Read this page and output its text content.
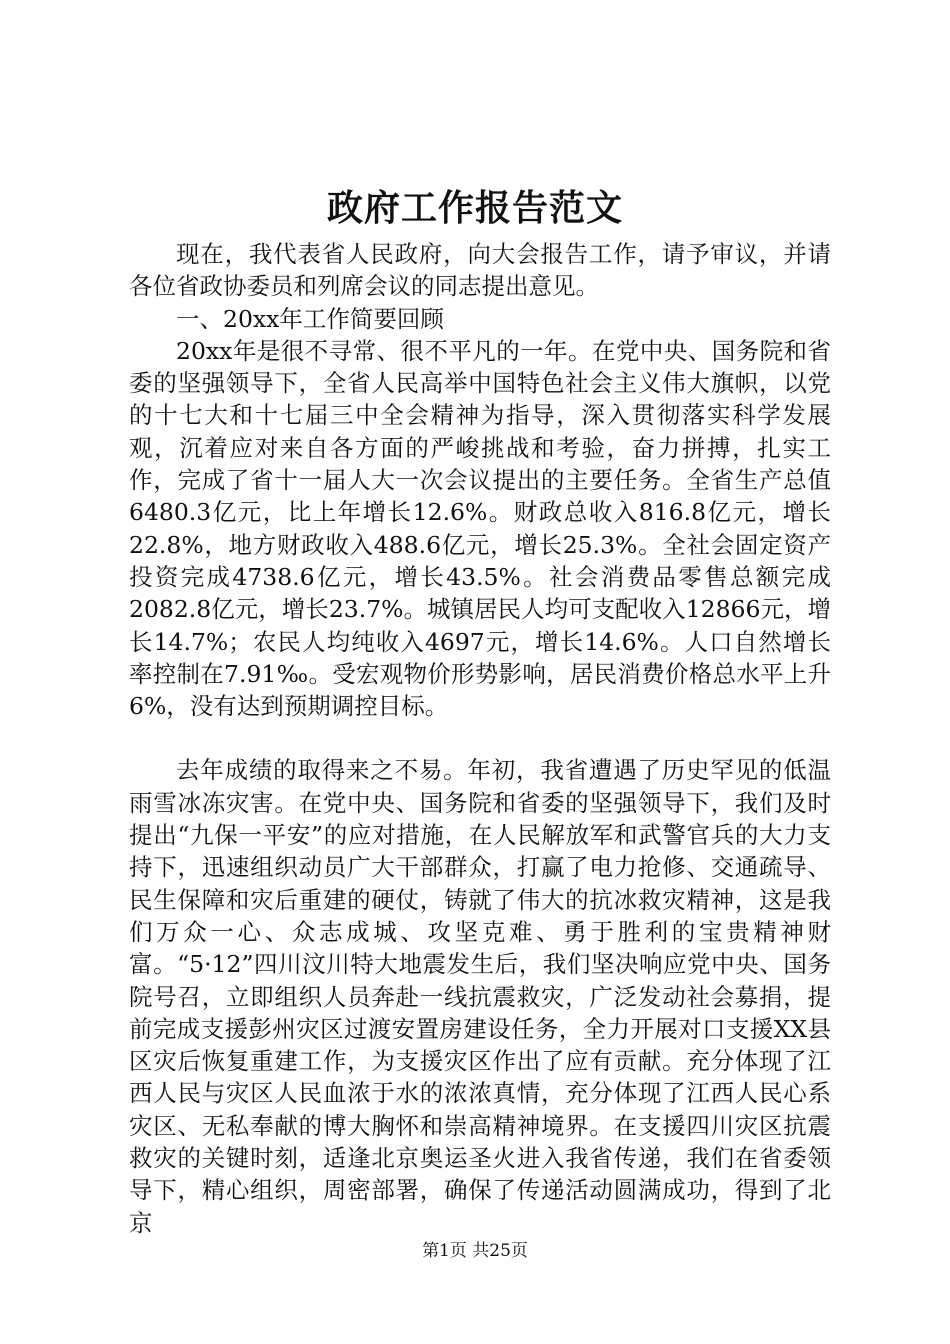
政府工作报告范文

现在，我代表省人民政府，向大会报告工作，请予审议，并请各位省政协委员和列席会议的同志提出意见。

一、20xx年工作简要回顾

20xx年是很不寻常、很不平凡的一年。在党中央、国务院和省委的坚强领导下，全省人民高举中国特色社会主义伟大旗帜，以党的十七大和十七届三中全会精神为指导，深入贯彻落实科学发展观，沉着应对来自各方面的严峻挑战和考验，奋力拼搏，扎实工作，完成了省十一届人大一次会议提出的主要任务。全省生产总值6480.3亿元，比上年增长12.6%。财政总收入816.8亿元，增长22.8%，地方财政收入488.6亿元，增长25.3%。全社会固定资产投资完成4738.6亿元，增长43.5%。社会消费品零售总额完成2082.8亿元，增长23.7%。城镇居民人均可支配收入12866元，增长14.7%；农民人均纯收入4697元，增长14.6%。人口自然增长率控制在7.91‰。受宏观物价形势影响，居民消费价格总水平上升6%，没有达到预期调控目标。

去年成绩的取得来之不易。年初，我省遭遇了历史罕见的低温雨雪冰冻灾害。在党中央、国务院和省委的坚强领导下，我们及时提出“九保一平安”的应对措施，在人民解放军和武警官兵的大力支持下，迅速组织动员广大干部群众，打赢了电力抢修、交通疏导、民生保障和灾后重建的硬仗，铸就了伟大的抗冰救灾精神，这是我们万众一心、众志成城、攻坚克难、勇于胜利的宝贵精神财富。“5·12”四川汶川特大地震发生后，我们坚决响应党中央、国务院号召，立即组织人员奔赴一线抗震救灾，广泛发动社会募捐，提前完成支援彭州灾区过渡安置房建设任务，全力开展对口支援XX县区灾后恢复重建工作，为支援灾区作出了应有贡献。充分体现了江西人民与灾区人民血浓于水的浓浓真情，充分体现了江西人民心系灾区、无私奉献的博大胸怀和崇高精神境界。在支援四川灾区抗震救灾的关键时刻，适逢北京奥运圣火进入我省传递，我们在省委领导下，精心组织，周密部署，确保了传递活动圆满成功，得到了北京

第1页 共25页
